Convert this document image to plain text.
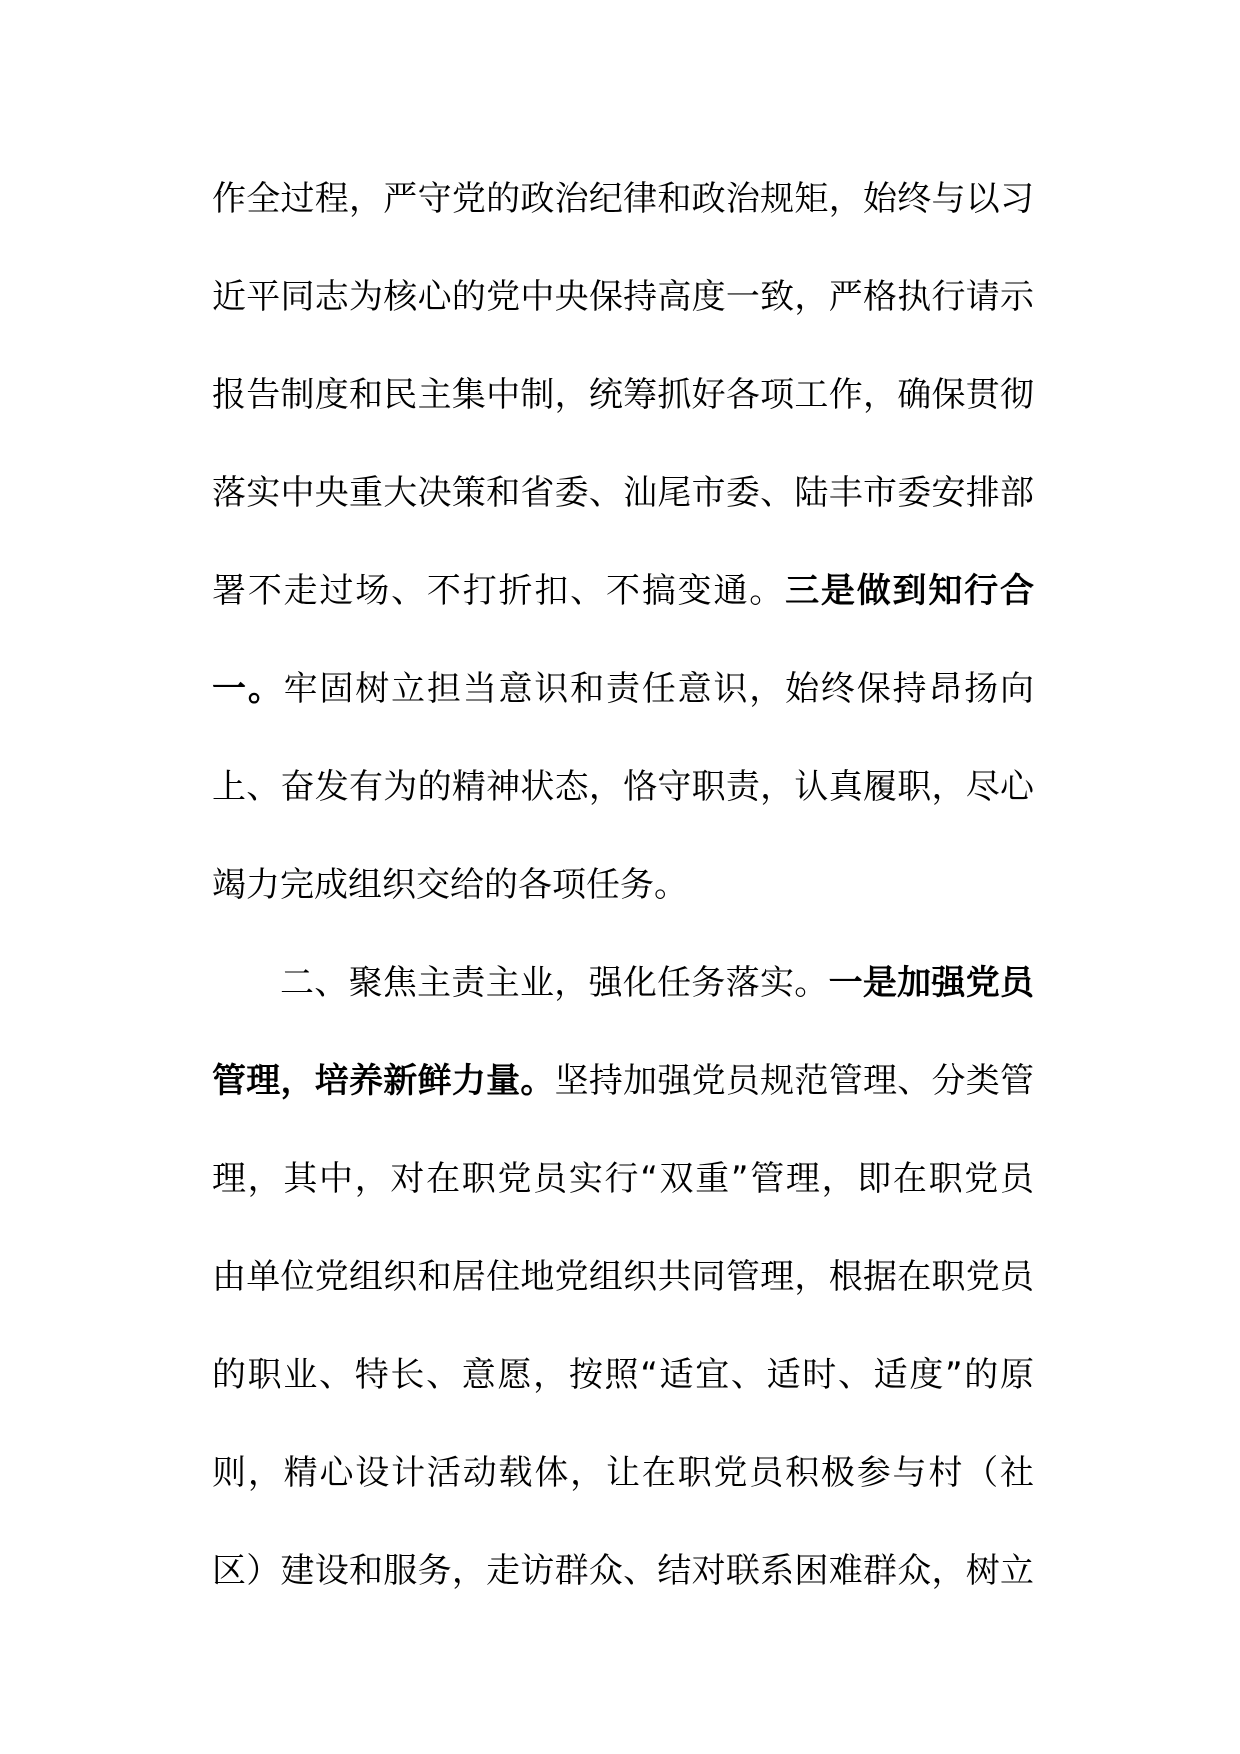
作全过程，严守党的政治纪律和政治规矩，始终与以习
近平同志为核心的党中央保持高度一致，严格执行请示
报告制度和民主集中制，统筹抓好各项工作，确保贯彻
落实中央重大决策和省委、汕尾市委、陆丰市委安排部
署不走过场、不打折扣、不搞变通。三是做到知行合
一。牢固树立担当意识和责任意识，始终保持昂扬向
上、奋发有为的精神状态，恪守职责，认真履职，尽心
竭力完成组织交给的各项任务。
二、聚焦主责主业，强化任务落实。一是加强党员
管理，培养新鲜力量。坚持加强党员规范管理、分类管
理，其中，对在职党员实行“双重”管理，即在职党员
由单位党组织和居住地党组织共同管理，根据在职党员
的职业、特长、意愿，按照“适宜、适时、适度”的原
则，精心设计活动载体，让在职党员积极参与村（社
区）建设和服务，走访群众、结对联系困难群众，树立
